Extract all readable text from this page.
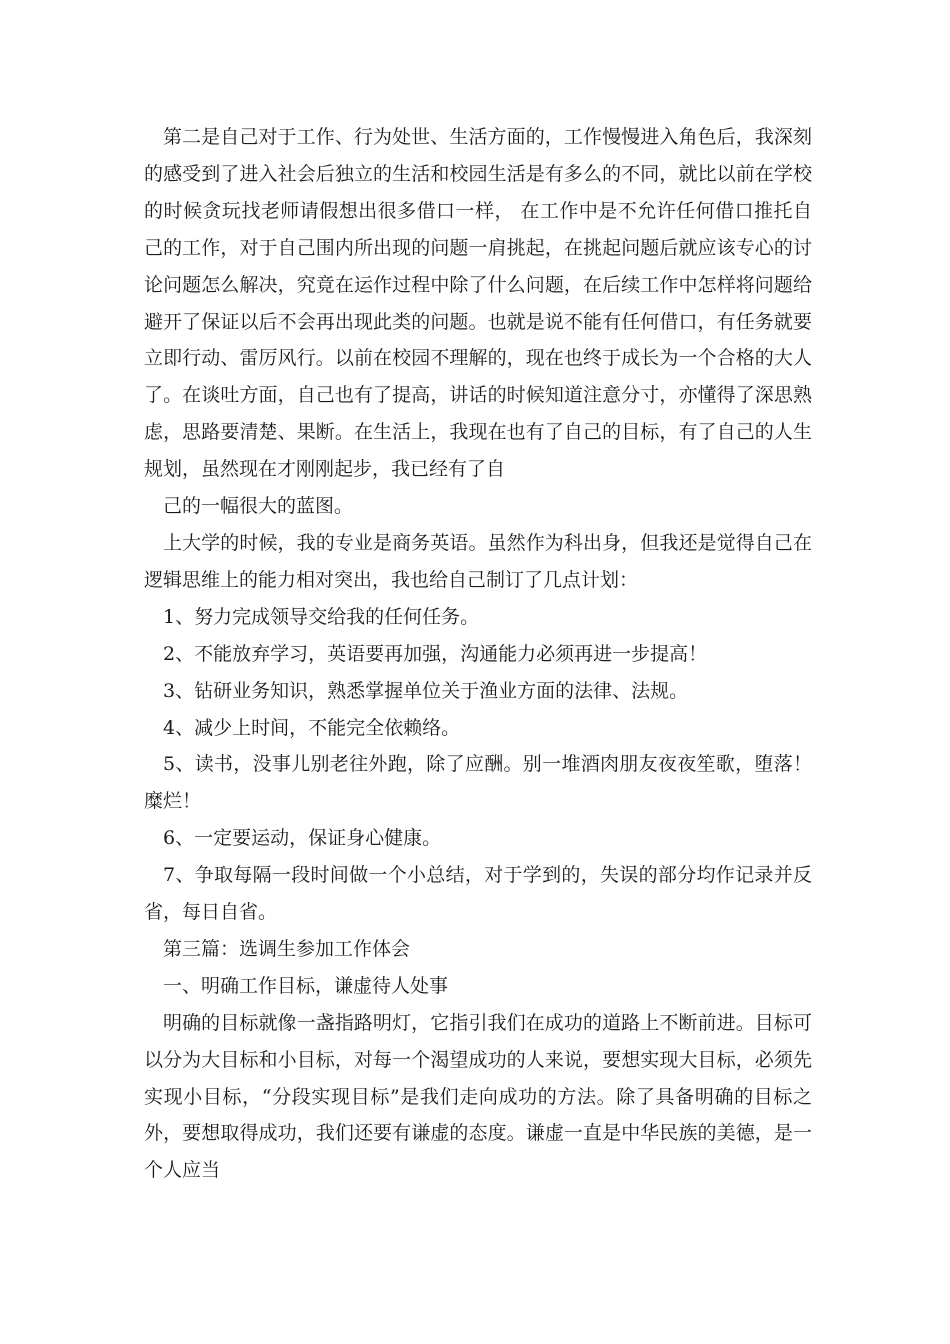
第二是自己对于工作、行为处世、生活方面的，工作慢慢进入角色后，我深刻的感受到了进入社会后独立的生活和校园生活是有多么的不同，就比以前在学校的时候贪玩找老师请假想出很多借口一样， 在工作中是不允许任何借口推托自己的工作，对于自己围内所出现的问题一肩挑起，在挑起问题后就应该专心的讨论问题怎么解决，究竟在运作过程中除了什么问题，在后续工作中怎样将问题给避开了保证以后不会再出现此类的问题。也就是说不能有任何借口，有任务就要立即行动、雷厉风行。以前在校园不理解的，现在也终于成长为一个合格的大人了。在谈吐方面，自己也有了提高，讲话的时候知道注意分寸，亦懂得了深思熟虑，思路要清楚、果断。在生活上，我现在也有了自己的目标，有了自己的人生规划，虽然现在才刚刚起步，我已经有了自

己的一幅很大的蓝图。

上大学的时候，我的专业是商务英语。虽然作为科出身，但我还是觉得自己在逻辑思维上的能力相对突出，我也给自己制订了几点计划：

1、努力完成领导交给我的任何任务。

2、不能放弃学习，英语要再加强，沟通能力必须再进一步提高！

3、钻研业务知识，熟悉掌握单位关于渔业方面的法律、法规。

4、减少上时间，不能完全依赖络。

5、读书，没事儿别老往外跑，除了应酬。别一堆酒肉朋友夜夜笙歌，堕落！糜烂！

6、一定要运动，保证身心健康。

7、争取每隔一段时间做一个小总结，对于学到的，失误的部分均作记录并反省，每日自省。

第三篇：选调生参加工作体会

一、明确工作目标，谦虚待人处事

明确的目标就像一盏指路明灯，它指引我们在成功的道路上不断前进。目标可以分为大目标和小目标，对每一个渴望成功的人来说，要想实现大目标，必须先实现小目标，“分段实现目标”是我们走向成功的方法。除了具备明确的目标之外，要想取得成功，我们还要有谦虚的态度。谦虚一直是中华民族的美德，是一个人应当
